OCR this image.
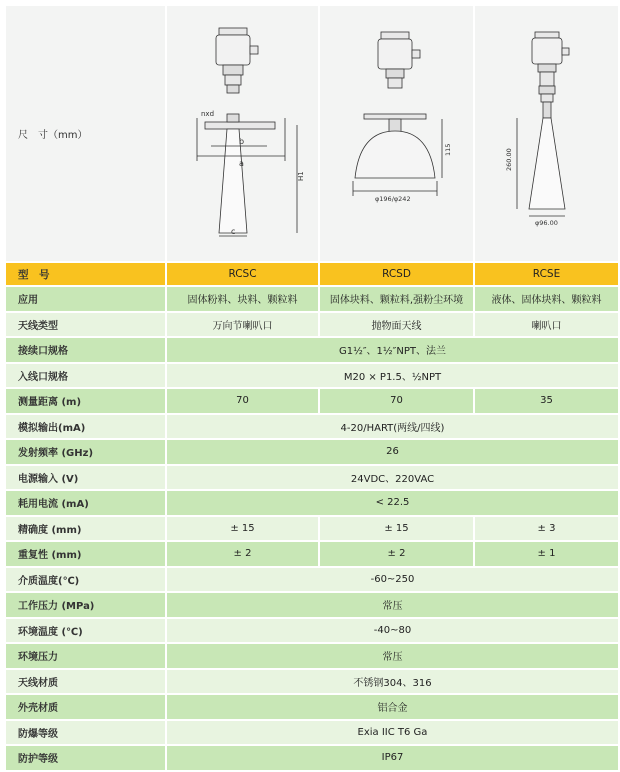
尺　寸（mm）	nxd
b
a
c
H1	115
φ196/φ242	260.00
φ96.00

型　号	RCSC	RCSD	RCSE
应用	固体粉料、块料、颗粒料	固体块料、颗粒料,强粉尘环境	液体、固体块料、颗粒料
天线类型	万向节喇叭口	抛物面天线	喇叭口
接续口规格	G1½″、1½″NPT、法兰		
入线口规格	M20 × P1.5、½NPT		
测量距离 (m)	70	70	35
模拟输出(mA)	4-20/HART(两线/四线)		
发射频率 (GHz)	26		
电源输入 (V)	24VDC、220VAC		
耗用电流 (mA)	< 22.5		
精确度 (mm)	± 15	± 15	± 3
重复性 (mm)	± 2	± 2	± 1
介质温度(℃)	-60~250		
工作压力 (MPa)	常压		
环境温度 (℃)	-40~80		
环境压力	常压		
天线材质	不锈钢304、316		
外壳材质	铝合金		
防爆等级	Exia IIC T6 Ga		
防护等级	IP67		
